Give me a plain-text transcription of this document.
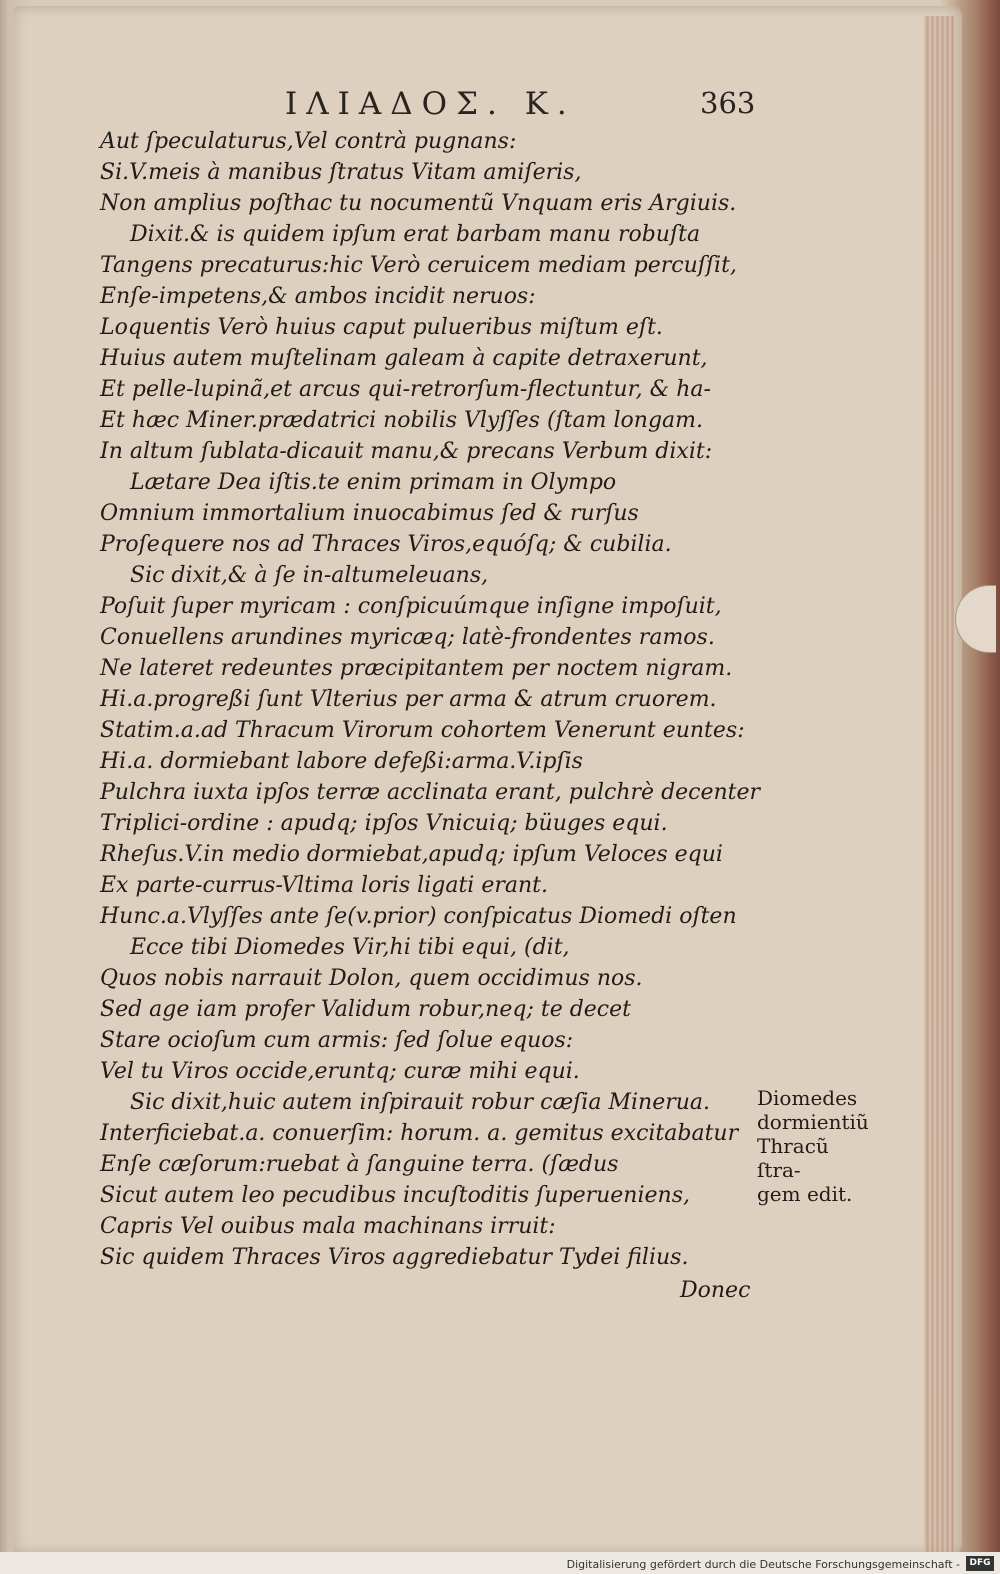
ΙΛΙΑΔΟΣ. Κ.	363
Aut ſpeculaturus,Vel contrà pugnans:
Si.V.meis à manibus ſtratus Vitam amiſeris,
Non amplius poſthac tu nocumentũ Vnquam eris Argiuis.
Dixit.& is quidem ipſum erat barbam manu robuſta
Tangens precaturus:hic Verò ceruicem mediam percuſſit,
Enſe-impetens,& ambos incidit neruos:
Loquentis Verò huius caput pulueribus miſtum eſt.
Huius autem muſtelinam galeam à capite detraxerunt,
Et pelle-lupinã,et arcus qui-retrorſum-flectuntur, & ha-
Et hæc Miner.prædatrici nobilis Vlyſſes (ſtam longam.
In altum ſublata-dicauit manu,& precans Verbum dixit:
Lætare Dea iſtis.te enim primam in Olympo
Omnium immortalium inuocabimus ſed & rurſus
Proſequere nos ad Thraces Viros,equóſq; & cubilia.
Sic dixit,& à ſe in-altumeleuans,
Poſuit ſuper myricam : conſpicuúmque inſigne impoſuit,
Conuellens arundines myricæq; latè-frondentes ramos.
Ne lateret redeuntes præcipitantem per noctem nigram.
Hi.a.progreßi ſunt Vlterius per arma & atrum cruorem.
Statim.a.ad Thracum Virorum cohortem Venerunt euntes:
Hi.a. dormiebant labore defeßi:arma.V.ipſis
Pulchra iuxta ipſos terræ acclinata erant, pulchrè decenter
Triplici-ordine : apudq; ipſos Vnicuiq; büuges equi.
Rheſus.V.in medio dormiebat,apudq; ipſum Veloces equi
Ex parte-currus-Vltima loris ligati erant.
Hunc.a.Vlyſſes ante ſe(v.prior) conſpicatus Diomedi oſten
Ecce tibi Diomedes Vir,hi tibi equi, (dit,
Quos nobis narrauit Dolon, quem occidimus nos.
Sed age iam profer Validum robur,neq; te decet
Stare ocioſum cum armis: ſed ſolue equos:
Vel tu Viros occide,eruntq; curæ mihi equi.
Sic dixit,huic autem inſpirauit robur cæſia Minerua.
Interficiebat.a. conuerſim: horum. a. gemitus excitabatur
Enſe cæſorum:ruebat à ſanguine terra. (ſædus
Sicut autem leo pecudibus incuſtoditis ſuperueniens,
Capris Vel ouibus mala machinans irruit:
Sic quidem Thraces Viros aggrediebatur Tydei filius.
Donec
Diomedes
dormientiũ
Thracũ ſtra-
gem edit.
Digitalisierung gefördert durch die Deutsche Forschungsgemeinschaft -	DFG
